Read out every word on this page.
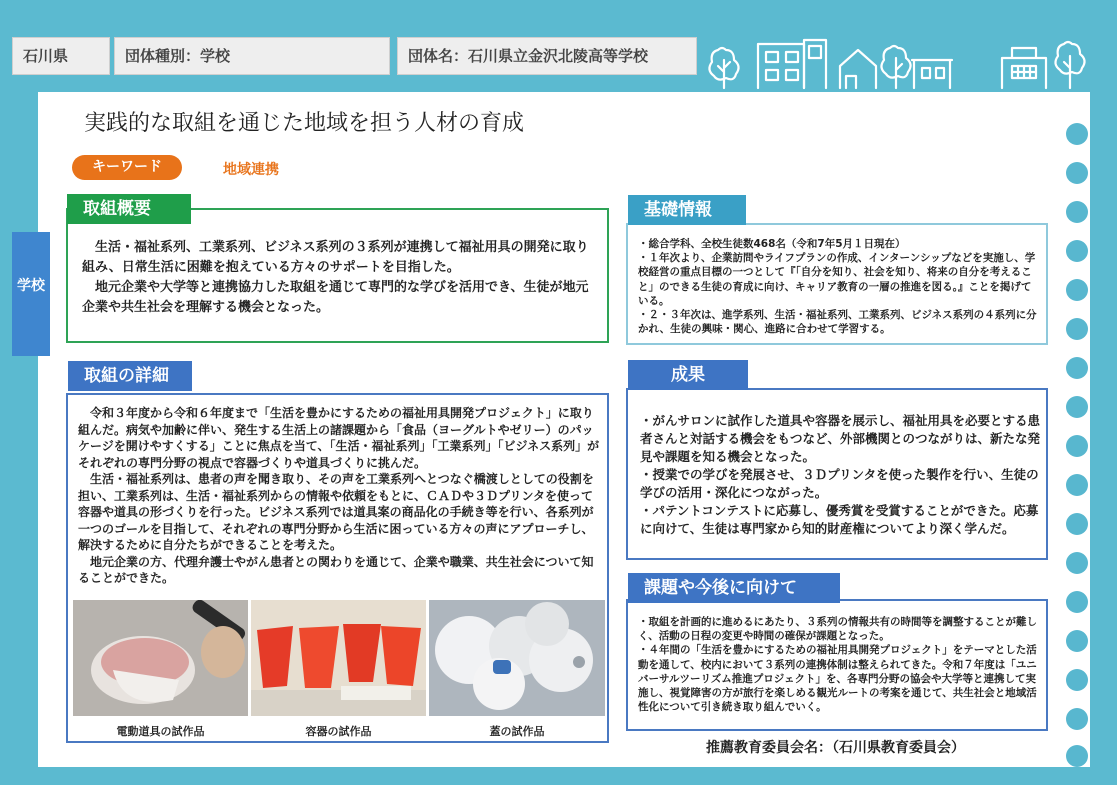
石川県	団体種別：学校	団体名：石川県立金沢北陵高等学校
学校
実践的な取組を通じた地域を担う人材の育成
キーワード	地域連携
　生活・福祉系列、工業系列、ビジネス系列の３系列が連携して福祉用具の開発に取り組み、日常生活に困難を抱えている方々のサポートを目指した。
　地元企業や大学等と連携協力した取組を通じて専門的な学びを活用でき、生徒が地元企業や共生社会を理解する機会となった。
取組概要
　令和３年度から令和６年度まで「生活を豊かにするための福祉用具開発プロジェクト」に取り組んだ。病気や加齢に伴い、発生する生活上の諸課題から「食品（ヨーグルトやゼリー）のパッケージを開けやすくする」ことに焦点を当て、「生活・福祉系列」「工業系列」「ビジネス系列」がそれぞれの専門分野の視点で容器づくりや道具づくりに挑んだ。
　生活・福祉系列は、患者の声を聞き取り、その声を工業系列へとつなぐ橋渡しとしての役割を担い、工業系列は、生活・福祉系列からの情報や依頼をもとに、ＣＡＤや３Ｄプリンタを使って容器や道具の形づくりを行った。ビジネス系列では道具案の商品化の手続き等を行い、各系列が一つのゴールを目指して、それぞれの専門分野から生活に困っている方々の声にアプローチし、解決するために自分たちができることを考えた。
　地元企業の方、代理弁護士やがん患者との関わりを通じて、企業や職業、共生社会について知ることができた。
取組の詳細
電動道具の試作品	容器の試作品	蓋の試作品
・総合学科、全校生徒数468名（令和7年5月１日現在）
・１年次より、企業訪問やライフプランの作成、インターンシップなどを実施し、学校経営の重点目標の一つとして『「自分を知り、社会を知り、将来の自分を考えること」のできる生徒の育成に向け、キャリア教育の一層の推進を図る。』ことを掲げている。
・２・３年次は、進学系列、生活・福祉系列、工業系列、ビジネス系列の４系列に分かれ、生徒の興味・関心、進路に合わせて学習する。
基礎情報
・がんサロンに試作した道具や容器を展示し、福祉用具を必要とする患者さんと対話する機会をもつなど、外部機関とのつながりは、新たな発見や課題を知る機会となった。
・授業での学びを発展させ、３Ｄプリンタを使った製作を行い、生徒の学びの活用・深化につながった。
・パテントコンテストに応募し、優秀賞を受賞することができた。応募に向けて、生徒は専門家から知的財産権についてより深く学んだ。
成果
・取組を計画的に進めるにあたり、３系列の情報共有の時間等を調整することが難しく、活動の日程の変更や時間の確保が課題となった。
・４年間の「生活を豊かにするための福祉用具開発プロジェクト」をテーマとした活動を通して、校内において３系列の連携体制は整えられてきた。令和７年度は「ユニバーサルツーリズム推進プロジェクト」を、各専門分野の協会や大学等と連携して実施し、視覚障害の方が旅行を楽しめる観光ルートの考案を通じて、共生社会と地域活性化について引き続き取り組んでいく。
課題や今後に向けて
推薦教育委員会名：（石川県教育委員会）
